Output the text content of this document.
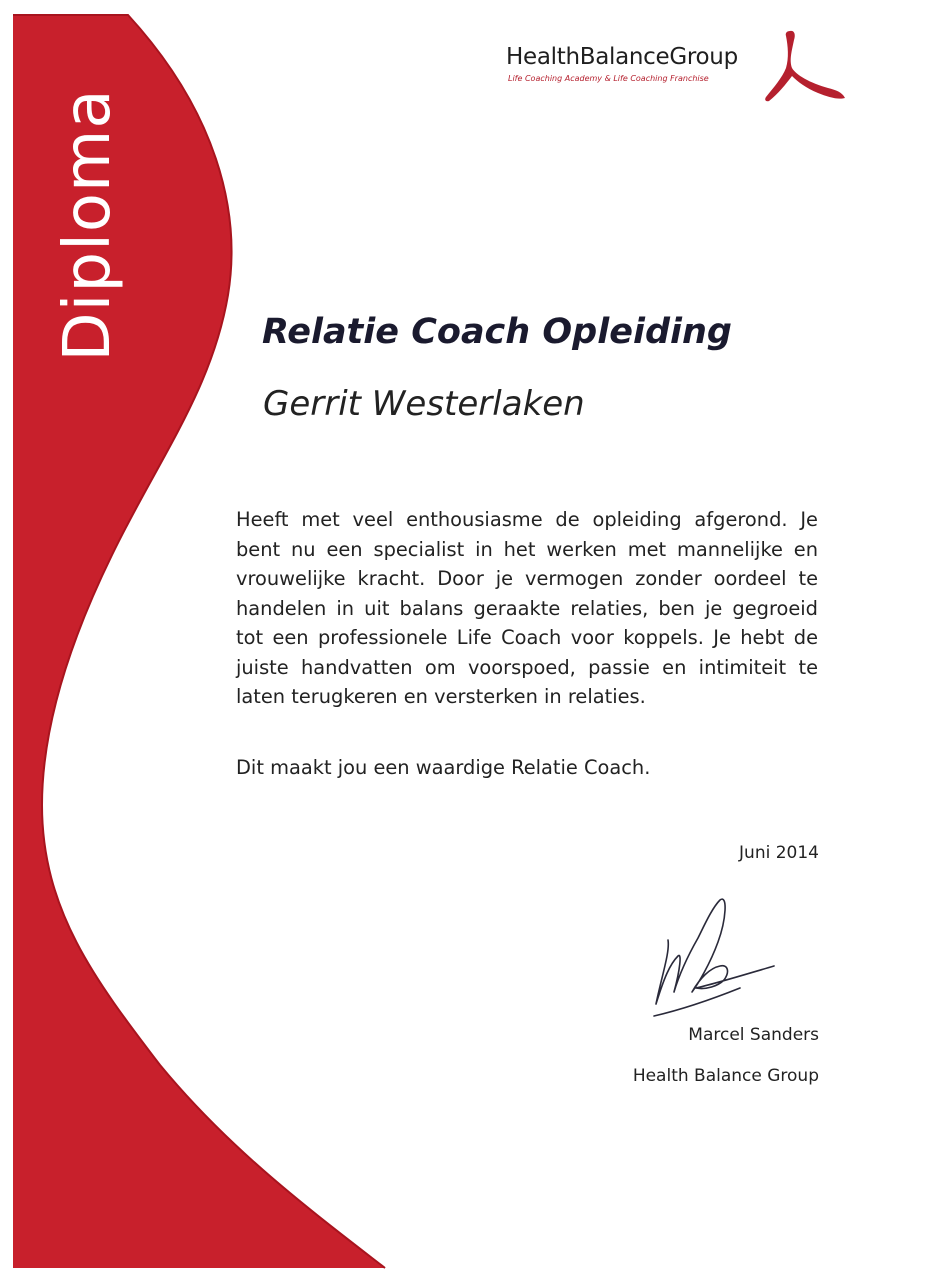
Diploma
HealthBalanceGroup
Life Coaching Academy & Life Coaching Franchise
Relatie Coach Opleiding
Gerrit Westerlaken

Heeft met veel enthousiasme de opleiding afgerond. Je bent nu een specialist in het werken met mannelijke en vrouwelijke kracht. Door je vermogen zonder oordeel te handelen in uit balans geraakte relaties, ben je gegroeid tot een professionele Life Coach voor koppels. Je hebt de juiste handvatten om voorspoed, passie en intimiteit te laten terugkeren en versterken in relaties.

Dit maakt jou een waardige Relatie Coach.
Juni 2014
Marcel Sanders
Health Balance Group
